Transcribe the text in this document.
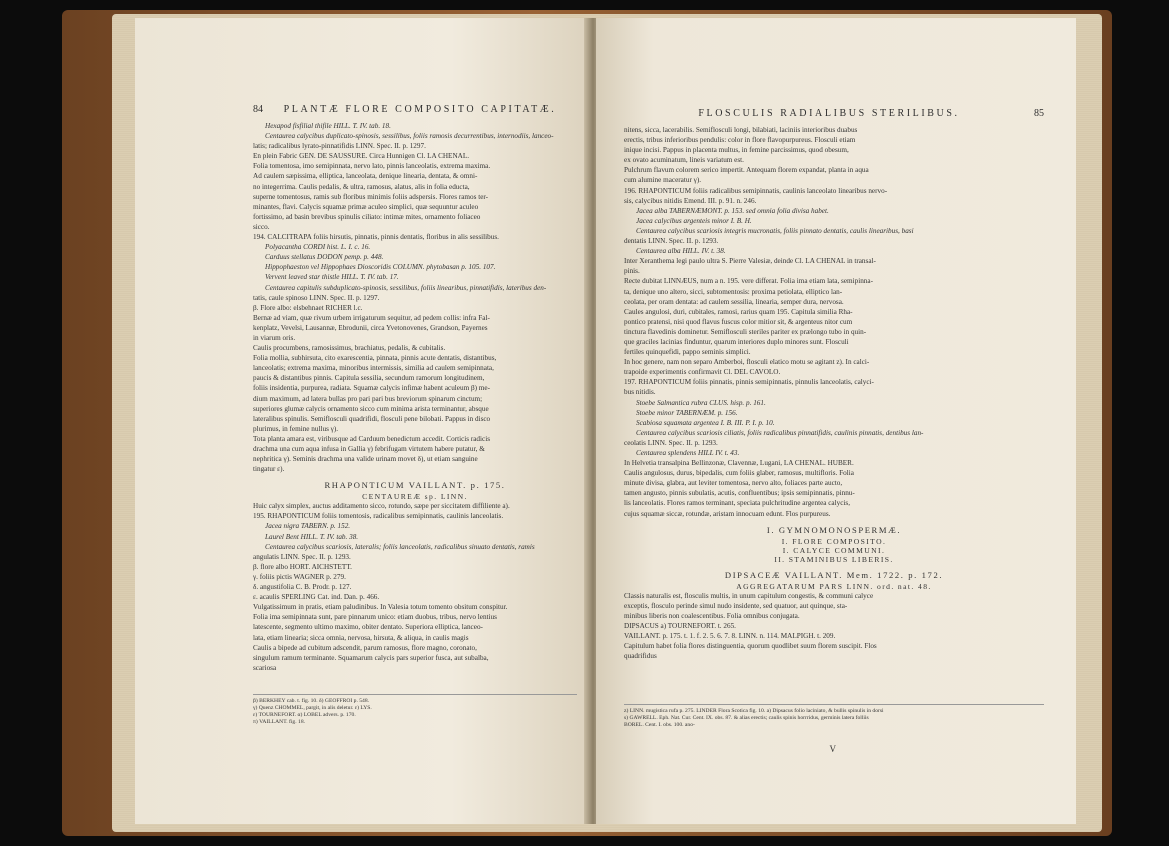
84 PLANTÆ FLORE COMPOSITO CAPITATÆ.
Hexapod fisfilial thifile HILL. T. IV. tab. 18.
Centaurea calycibus duplicato-spinosis, sessilibus, foliis ramosis decurrentibus, internodiis, lanceo-
latis; radicalibus lyrato-pinnatifidis LINN. Spec. II. p. 1297.
En plein Fabric GEN. DE SAUSSURE. Circa Hunnigen Cl. LA CHENAL.
Folia tomentosa, imo semipinnata, nervo lato, pinnis lanceolatis, extrema maxima.
Ad caulem sæpissima, elliptica, lanceolata, denique linearia, dentata, & omni-
no integerrima. Caulis pedalis, & ultra, ramosus, alatus, alis in folia educta,
superne tomentosus, ramis sub floribus minimis foliis adspersis. Flores ramos ter-
minantes, flavi. Calycis squamæ primæ aculeo simplici, quæ sequuntur aculeo
fortissimo, ad basin brevibus spinulis ciliato: intimæ mites, ornamento foliaceo
sicco.
194. CALCITRAPA foliis hirsutis, pinnatis, pinnis dentatis, floribus in alis sessilibus.
Polyacantha CORDI hist. L. I. c. 16.
Carduus stellatus DODON pemp. p. 448.
Hippophaeston vel Hippophaes Dioscoridis COLUMN. phytobasan p. 105. 107.
Vervent leaved star thistle HILL. T. IV. tab. 17.
Centaurea capitulis subduplicato-spinosis, sessilibus, foliis linearibus, pinnatifidis, lateribus den-
tatis, caule spinoso LINN. Spec. II. p. 1297.
β. Flore albo: elsbehnaet RICHER l.c.
Bernæ ad viam, quæ rivum urbem irrigaturum sequitur, ad pedem collis: infra Fal-
kenplatz, Vevelsi, Lausannæ, Ebrodunii, circa Yvetonovenes, Grandson, Payernes
in viarum oris.
Caulis procumbens, ramosissimus, brachiatus, pedalis, & cubitalis.
Folia mollia, subhirsuta, cito exarescentia, pinnata, pinnis acute dentatis, distantibus,
lanceolatis; extrema maxima, minoribus intermissis, similia ad caulem semipinnata,
paucis & distantibus pinnis. Capitula sessilia, secundum ramorum longitudinem,
foliis insidentia, purpurea, radiata. Squamæ calycis infimæ habent aculeum β) me-
dium maximum, ad latera bullas pro pari pari bus breviorum spinarum cinctum;
superiores glumæ calycis ornamento sicco cum minima arista terminantur, absque
lateralibus spinulis. Semiflosculi quadrifidi, flosculi pene bilobati. Pappus in disco
plurimus, in femine nullus γ).
Tota planta amara est, viribusque ad Carduum benedictum accedit. Corticis radicis
drachma una cum aqua infusa in Gallia γ) febrifugam virtutem habere putatur, &
nephritica γ). Seminis drachma una valide urinam movet δ), ut etiam sanguine
tingatur ε).
RHAPONTICUM VAILLANT. p. 175.
CENTAUREÆ sp. LINN.
Huic calyx simplex, auctus additamento sicco, rotundo, sæpe per siccitatem diffiliente a).
195. RHAPONTICUM foliis tomentosis, radicalibus semipinnatis, caulinis lanceolatis.
Jacea nigra TABERN. p. 152.
Laurel Bent HILL. T. IV. tab. 38.
Centaurea calycibus scariosis, lateralis; foliis lanceolatis, radicalibus sinuato dentatis, ramis
angulatis LINN. Spec. II. p. 1293.
β. flore albo HORT. AICHSTETT.
γ. foliis pictis WAGNER p. 279.
δ. angustifolia C. B. Prodr. p. 127.
ε. acaulis SPERLING Cat. ind. Dan. p. 466.
Vulgatissimum in pratis, etiam paludinibus. In Valesia totum tomento obsitum conspitur.
Folia ima semipinnata sunt, pare pinnarum unico: etiam duobus, tribus, nervo lentius
latescente, segmento ultimo maximo, obiter dentato. Superiora elliptica, lanceo-
lata, etiam linearia; sicca omnia, nervosa, hirsuta, & aliqua, in caulis magis
Caulis a bipede ad cubitum adscendit, parum ramosus, flore magno, coronato,
singulum ramum terminante. Squamarum calycis pars superior fusca, aut subalba,
scariosa
β) BERKHEY cab. t. fig. 10. δ) GEOFFROI p. 548.
γ) Quenz CHOMMEL, pargit, in alis deletur. ε) LYS.
ε) TOURNEFORT. α) LOBEL advers. p. 170.
π) VAILLANT. fig. 18.
FLOSCULIS RADIALIBUS STERILIBUS.	85
nitens, sicca, lacerabilis. Semiflosculi longi, bilabiati, laciniis interioribus duabus
erectis, tribus inferioribus pendulis: color in flore flavopurpureus. Flosculi etiam
inique incisi. Pappus in placenta multus, in femine parcissimus, quod obesum,
ex ovato acuminatum, lineis variatum est.
Pulchrum flavum colorem serico impertit. Antequam florem expandat, planta in aqua
cum alumine maceratur γ).
196. RHAPONTICUM foliis radicalibus semipinnatis, caulinis lanceolato linearibus nervo-
sis, calycibus nitidis Emend. III. p. 91. n. 246.
Jacea alba TABERNÆMONT. p. 153. sed omnia folia divisa habet.
Jacea calycibus argenteis minor I. B. H.
Centaurea calycibus scariosis integris mucronatis, foliis pinnato dentatis, caulis linearibus, basi
dentatis LINN. Spec. II. p. 1293.
Centaurea alba HILL. IV. t. 38.
Inter Xeranthema legi paulo ultra S. Pierre Valesiæ, deinde Cl. LA CHENAL in transal-
pinis.
Recte dubitat LINNÆUS, num a n. 195. vere differat. Folia ima etiam lata, semipinna-
ta, denique uno altero, sicci, subtomentosis: proxima petiolata, elliptico lan-
ceolata, per oram dentata: ad caulem sessilia, linearia, semper dura, nervosa.
Caules angulosi, duri, cubitales, ramosi, rarius quam 195. Capitula similia Rha-
pontico pratensi, nisi quod flavus fuscus color mitior sit, & argenteus nitor cum
tinctura flavedinis dominetur. Semiflosculi steriles pariter ex prælongo tubo in quin-
que graciles lacinias finduntur, quarum interiores duplo minores sunt. Flosculi
fertiles quinquefidi, pappo seminis simplici.
In hoc genere, nam non separo Amberboi, flosculi elatico motu se agitant z). In calci-
trapoide experimentis confirmavit Cl. DEL CAVOLO.
197. RHAPONTICUM foliis pinnatis, pinnis semipinnatis, pinnulis lanceolatis, calyci-
bus nitidis.
Stoebe Salmantica rubra CLUS. hisp. p. 161.
Stoebe minor TABERNÆM. p. 156.
Scabiosa squamata argentea I. B. III. P. I. p. 10.
Centaurea calycibus scariosis ciliatis, foliis radicalibus pinnatifidis, caulinis pinnatis, dentibus lan-
ceolatis LINN. Spec. II. p. 1293.
Centaurea splendens HILL IV. t. 43.
In Helvetia transalpina Bellinzonæ, Clavennæ, Lugani, LA CHENAL. HUBER.
Caulis angulosus, durus, bipedalis, cum foliis glaber, ramosus, multifloris. Folia
minute divisa, glabra, aut leviter tomentosa, nervo alto, foliaces parte aucto,
tamen angusto, pinnis subulatis, acutis, confluentibus; ipsis semipinnatis, pinnu-
lis lanceolatis. Flores ramos terminant, speciata pulchritudine argentea calycis,
cujus squamæ siccæ, rotundæ, aristam innocuam edunt. Flos purpureus.
I. GYMNOMONOSPERMÆ.
I. FLORE COMPOSITO.
I. CALYCE COMMUNI.
II. STAMINIBUS LIBERIS.
DIPSACEÆ VAILLANT. Mem. 1722. p. 172.
AGGREGATARUM PARS LINN. ord. nat. 48.
Classis naturalis est, flosculis multis, in unum capitulum congestis, & communi calyce
exceptis, flosculo perinde simul nudo insidente, sed quatuor, aut quinque, sta-
minibus liberis non coalescentibus. Folia omnibus conjugata.
DIPSACUS a) TOURNEFORT. t. 265.
VAILLANT. p. 175. t. 1. f. 2. 5. 6. 7. 8. LINN. n. 114. MALPIGH. t. 209.
Capitulum habet folia flores distinguentia, quorum quodlibet suum florem suscipit. Flos
quadrifidus
z) LINN. mugistica rufa p. 275. LINDER Flora Scotica fig. 10. a) Dipsacus folio laciniato, & bullis spinulis in dorsi
s) GAWRELL. Eph. Nat. Cur. Cent. IX. obs. 87. & alias erectis; caulis spinis horrridus, germinis latera folliis
BOREL. Cent. I. obs. 100. ano-
V
